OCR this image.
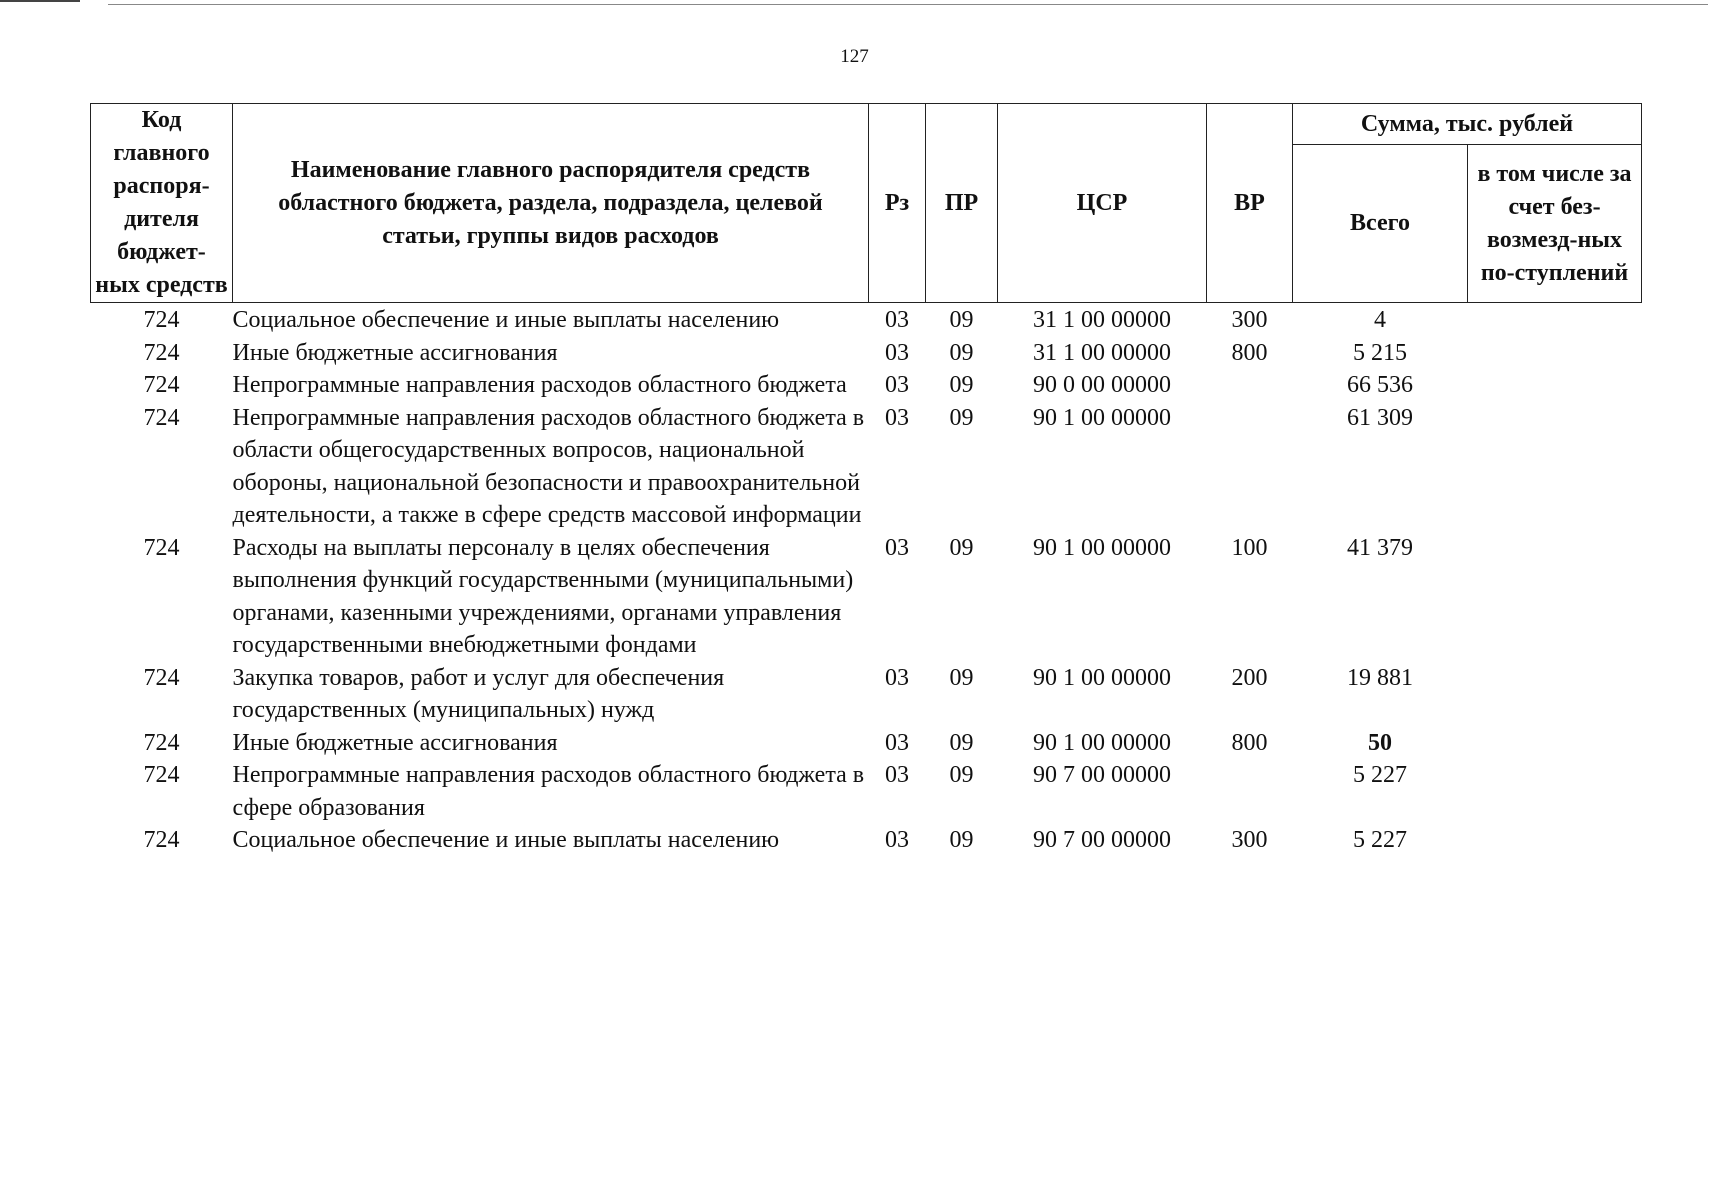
127
Код главного распоря-дителя бюджет-ных средств	Наименование главного распорядителя средств областного бюджета, раздела, подраздела, целевой статьи, группы видов расходов	Рз	ПР	ЦСР	ВР	Сумма, тыс. рублей	
						Всего	в том числе за счет без-возмезд-ных по-ступлений
724	Социальное обеспечение и иные выплаты населению	03	09	31 1 00 00000	300	4	
724	Иные бюджетные ассигнования	03	09	31 1 00 00000	800	5 215	
724	Непрограммные направления расходов областного бюджета	03	09	90 0 00 00000		66 536	
724	Непрограммные направления расходов областного бюджета в области общегосударственных вопросов, национальной обороны, национальной безопасности и правоохранительной деятельности, а также в сфере средств массовой информации	03	09	90 1 00 00000		61 309	
724	Расходы на выплаты персоналу в целях обеспечения выполнения функций государственными (муниципальными) органами, казенными учреждениями, органами управления государственными внебюджетными фондами	03	09	90 1 00 00000	100	41 379	
724	Закупка товаров, работ и услуг для обеспечения государственных (муниципальных) нужд	03	09	90 1 00 00000	200	19 881	
724	Иные бюджетные ассигнования	03	09	90 1 00 00000	800	50	
724	Непрограммные направления расходов областного бюджета в сфере образования	03	09	90 7 00 00000		5 227	
724	Социальное обеспечение и иные выплаты населению	03	09	90 7 00 00000	300	5 227	
